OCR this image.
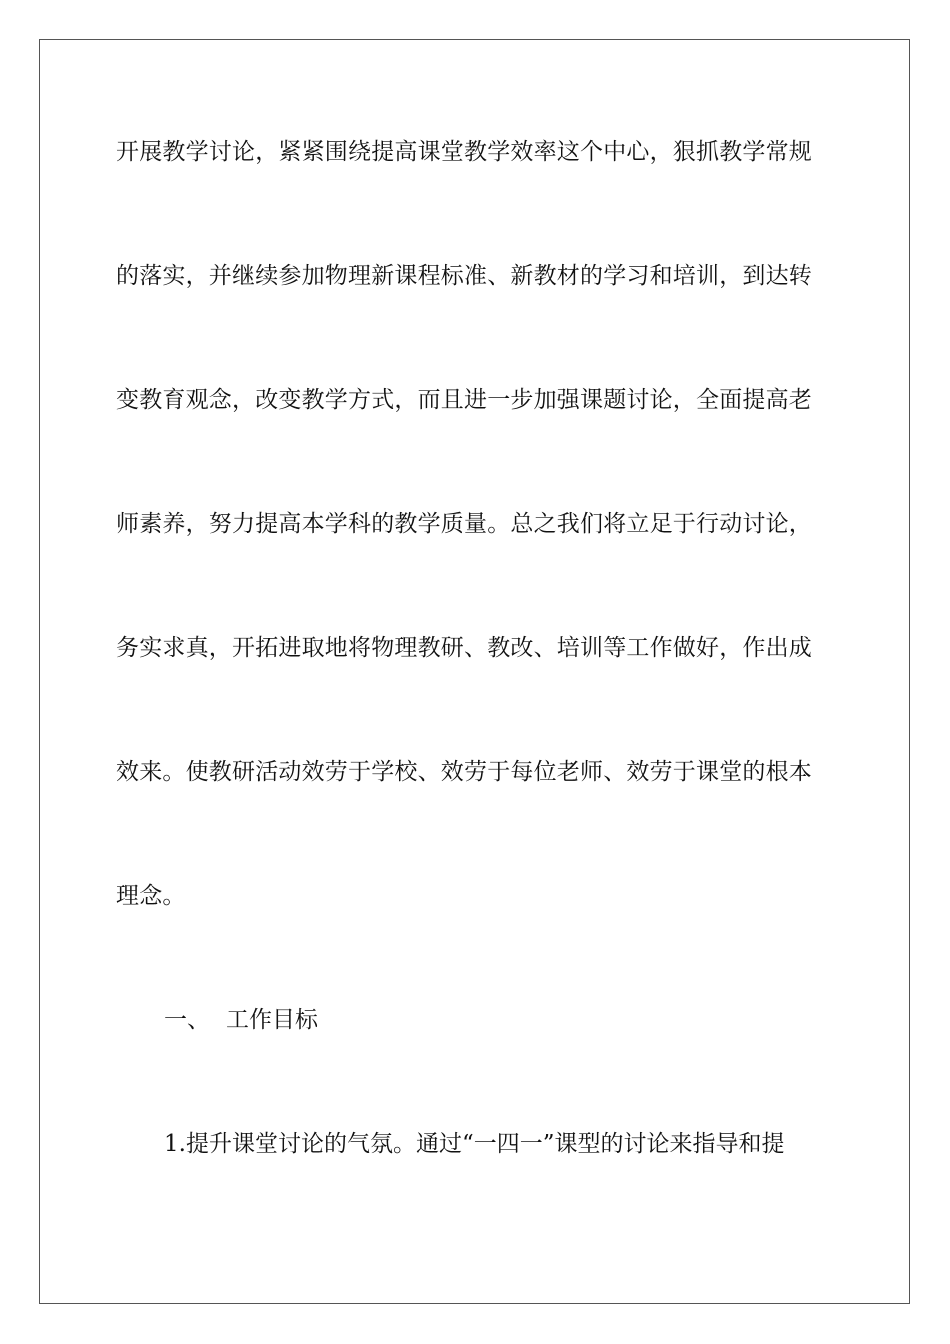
开展教学讨论，紧紧围绕提高课堂教学效率这个中心，狠抓教学常规
的落实，并继续参加物理新课程标准、新教材的学习和培训，到达转
变教育观念，改变教学方式，而且进一步加强课题讨论，全面提高老
师素养，努力提高本学科的教学质量。总之我们将立足于行动讨论，
务实求真，开拓进取地将物理教研、教改、培训等工作做好，作出成
效来。使教研活动效劳于学校、效劳于每位老师、效劳于课堂的根本
理念。
一、 工作目标
1.提升课堂讨论的气氛。通过“一四一”课型的讨论来指导和提
